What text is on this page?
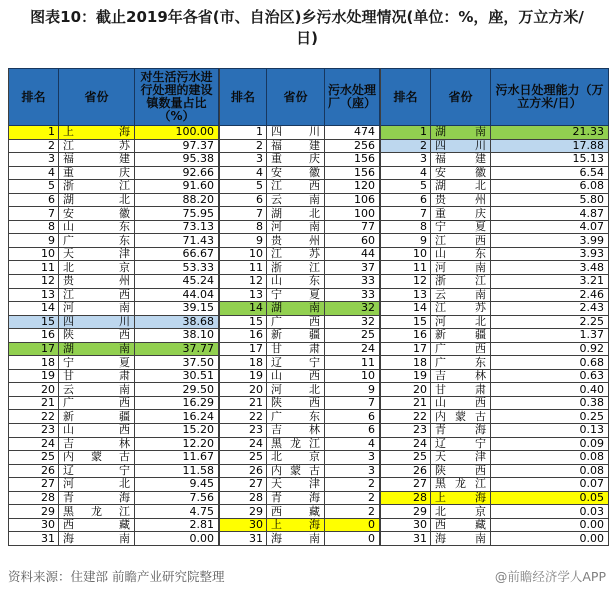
图表10：截止2019年各省(市、自治区)乡污水处理情况(单位：%，座，万立方米/日)
排名	省份
对生活污水进行处理的建设镇数量占比（%）
1 上	海	100.00
2 江	苏	97.37
3 福	建	95.38
4 重	庆	92.66
5 浙	江	91.60
6 湖	北	88.20
7 安	徽	75.95
8 山	东	73.13
9 广	东	71.43
10 天	津	66.67
11 北	京	53.33
12 贵	州	45.24
13 江	西	44.04
14 河	南	39.15
15 四	川	38.68
16 陕	西	38.10
17 湖	南	37.77
18 宁	夏	37.50
19 甘	肃	30.51
20 云	南	29.50
21 广	西	16.29
22 新	疆	16.24
23 山	西	15.20
24 吉	林	12.20
25 内 蒙 古	11.67
26 辽	宁	11.58
27 河	北	9.45
28 青	海	7.56
29 黑 龙 江	4.75
30 西	藏	2.81
31 海	南	0.00
排名	省份	污水处理厂（座）
1 四 川	474
2 福 建	256
3 重 庆	156
4 安 徽	156
5 江 西	120
6 云 南	106
7 湖 北	100
8 河 南	77
9 贵 州	60
10 江 苏	44
11 浙 江	37
12 山 东	33
13 宁 夏	33
14 湖 南	32
15 广 西	32
16 新 疆	25
17 甘 肃	24
18 辽 宁	11
19 山 西	10
20 河 北	9
21 陕 西	7
22 广 东	6
23 吉 林	6
24 黑 龙 江	4
25 北 京	3
26 内 蒙 古	3
27 天 津	2
28 青 海	2
29 西 藏	2
30 上 海	0
31 海 南	0
排名	省份	污水日处理能力（万立方米/日）
1 湖	南	21.33
2 四	川	17.88
3 福	建	15.13
4 安	徽	6.54
5 湖	北	6.08
6 贵	州	5.80
7 重	庆	4.87
8 宁	夏	4.07
9 江	西	3.99
10 山	东	3.93
11 河	南	3.48
12 浙	江	3.21
13 云	南	2.46
14 江	苏	2.43
15 河	北	2.25
16 新	疆	1.37
17 广	西	0.92
18 广	东	0.68
19 吉	林	0.63
20 甘	肃	0.40
21 山	西	0.38
22 内 蒙 古	0.25
23 青	海	0.13
24 辽	宁	0.09
25 天	津	0.08
26 陕	西	0.08
27 黑 龙 江	0.07
28 上	海	0.05
29 北	京	0.03
30 西	藏	0.00
31 海	南	0.00
资料来源：住建部 前瞻产业研究院整理	@前瞻经济学人APP
